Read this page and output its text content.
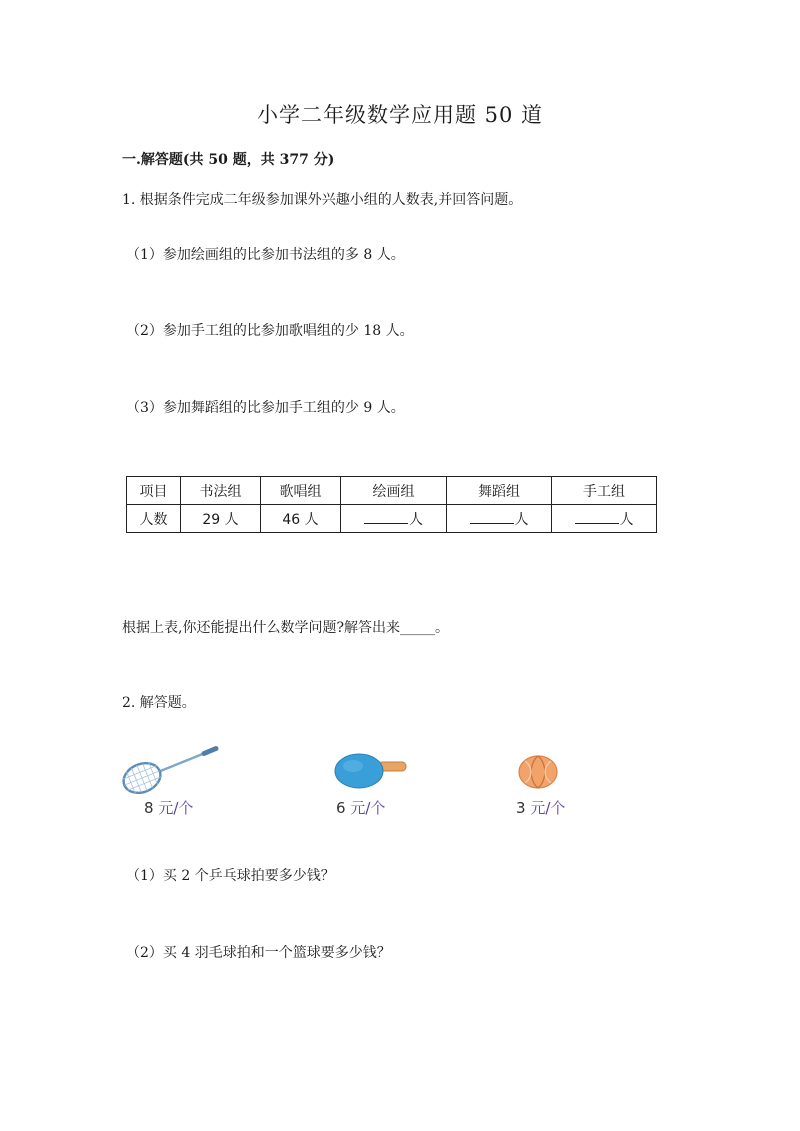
小学二年级数学应用题 50 道
一.解答题(共 50 题，共 377 分)
1. 根据条件完成二年级参加课外兴趣小组的人数表,并回答问题。
（1）参加绘画组的比参加书法组的多 8 人。
（2）参加手工组的比参加歌唱组的少 18 人。
（3）参加舞蹈组的比参加手工组的少 9 人。
项目	书法组	歌唱组	绘画组	舞蹈组	手工组
人数	29 人	46 人	人	人	人
根据上表,你还能提出什么数学问题?解答出来_____。
2. 解答题。
8 元/个	6 元/个	3 元/个
（1）买 2 个乒乓球拍要多少钱？
（2）买 4 羽毛球拍和一个篮球要多少钱？
